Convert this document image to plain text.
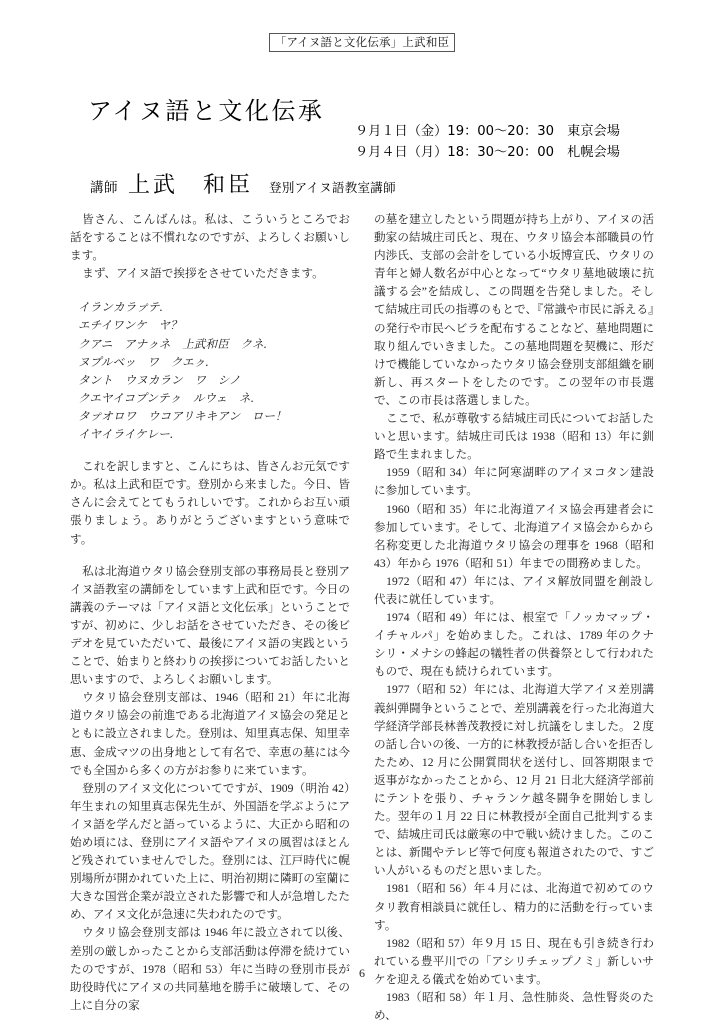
「アイヌ語と文化伝承」上武和臣
アイヌ語と文化伝承
９月１日（金）19：00〜20：30　東京会場
９月４日（月）18：30〜20：00　札幌会場
講師 上武　和臣 登別アイヌ語教室講師

皆さん、こんばんは。私は、こういうところでお話をすることは不慣れなのですが、よろしくお願いします。

まず、アイヌ語で挨拶をさせていただきます。

イランカラㇷ゚テ.
エチイワンケ　ヤ？
クアニ　アナㇰネ　上武和臣　クネ.
ヌプルベッ　ワ　クエㇰ.
タント　ウヌカラン　ワ　シノ
クエヤイコプンテㇰ　ルウェ　ネ.
タㇷ゚オロワ　ウコアリキキアン　ロー！
イヤイライケレー.

これを訳しますと、こんにちは、皆さんお元気ですか。私は上武和臣です。登別から来ました。今日、皆さんに会えてとてもうれしいです。これからお互い頑張りましょう。ありがとうございますという意味です。

私は北海道ウタリ協会登別支部の事務局長と登別アイヌ語教室の講師をしています上武和臣です。今日の講義のテーマは「アイヌ語と文化伝承」ということですが、初めに、少しお話をさせていただき、その後ビデオを見ていただいて、最後にアイヌ語の実践ということで、始まりと終わりの挨拶についてお話したいと思いますので、よろしくお願いします。

ウタリ協会登別支部は、1946（昭和 21）年に北海道ウタリ協会の前進である北海道アイヌ協会の発足とともに設立されました。登別は、知里真志保、知里幸恵、金成マツの出身地として有名で、幸恵の墓には今でも全国から多くの方がお参りに来ています。

登別のアイヌ文化についてですが、1909（明治 42）年生まれの知里真志保先生が、外国語を学ぶようにアイヌ語を学んだと語っているように、大正から昭和の始め頃には、登別にアイヌ語やアイヌの風習はほとんど残されていませんでした。登別には、江戸時代に幌別場所が開かれていた上に、明治初期に隣町の室蘭に大きな国営企業が設立された影響で和人が急増したため、アイヌ文化が急速に失われたのです。

ウタリ協会登別支部は 1946 年に設立されて以後、差別の厳しかったことから支部活動は停滞を続けていたのですが、1978（昭和 53）年に当時の登別市長が助役時代にアイヌの共同墓地を勝手に破壊して、その上に自分の家

の墓を建立したという問題が持ち上がり、アイヌの活動家の結城庄司氏と、現在、ウタリ協会本部職員の竹内渉氏、支部の会計をしている小坂博宣氏、ウタリの青年と婦人数名が中心となって“ウタリ墓地破壊に抗議する会”を結成し、この問題を告発しました。そして結城庄司氏の指導のもとで、『常識や市民に訴える』の発行や市民へビラを配布することなど、墓地問題に取り組んでいきました。この墓地問題を契機に、形だけで機能していなかったウタリ協会登別支部組織を刷新し、再スタートをしたのです。この翌年の市長選で、この市長は落選しました。

ここで、私が尊敬する結城庄司氏についてお話したいと思います。結城庄司氏は 1938（昭和 13）年に釧路で生まれました。

1959（昭和 34）年に阿寒湖畔のアイヌコタン建設に参加しています。

1960（昭和 35）年に北海道アイヌ協会再建者会に参加しています。そして、北海道アイヌ協会からから名称変更した北海道ウタリ協会の理事を 1968（昭和 43）年から 1976（昭和 51）年までの間務めました。

1972（昭和 47）年には、アイヌ解放同盟を創設し代表に就任しています。

1974（昭和 49）年には、根室で「ノッカマップ・イチャルパ」を始めました。これは、1789 年のクナシリ・メナシの蜂起の犠牲者の供養祭として行われたもので、現在も続けられています。

1977（昭和 52）年には、北海道大学アイヌ差別講義糾弾闘争ということで、差別講義を行った北海道大学経済学部長林善茂教授に対し抗議をしました。２度の話し合いの後、一方的に林教授が話し合いを拒否したため、12 月に公開質問状を送付し、回答期限まで返事がなかったことから、12 月 21 日北大経済学部前にテントを張り、チャランケ越冬闘争を開始しました。翌年の１月 22 日に林教授が全面自己批判するまで、結城庄司氏は厳寒の中で戦い続けました。このことは、新聞やテレビ等で何度も報道されたので、すごい人がいるものだと思いました。

1981（昭和 56）年４月には、北海道で初めてのウタリ教育相談員に就任し、精力的に活動を行っています。

1982（昭和 57）年９月 15 日、現在も引き続き行われている豊平川での「アシリチェップノミ」新しいサケを迎える儀式を始めています。

1983（昭和 58）年１月、急性肺炎、急性腎炎のため、

6
